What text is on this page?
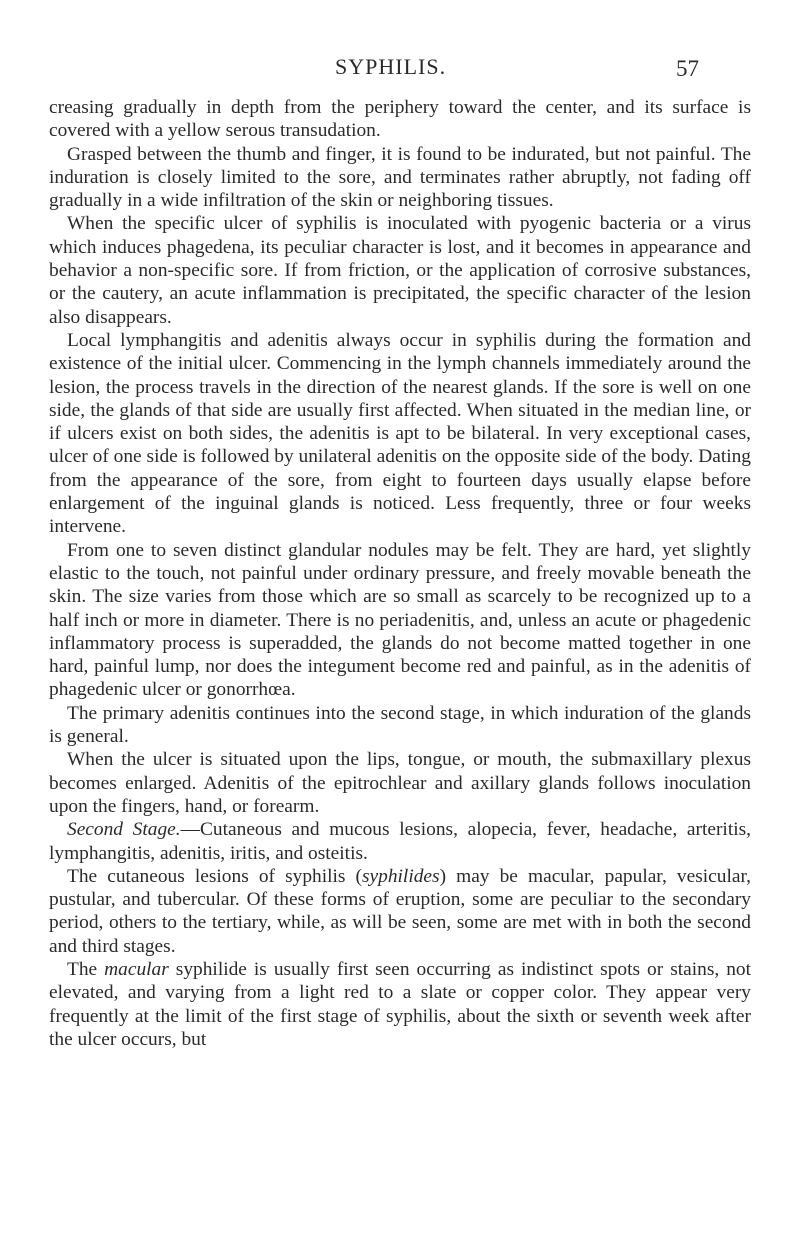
SYPHILIS.	57

creasing gradually in depth from the periphery toward the center, and its surface is covered with a yellow serous transudation.

Grasped between the thumb and finger, it is found to be indurated, but not painful. The induration is closely limited to the sore, and terminates rather abruptly, not fading off gradually in a wide infiltration of the skin or neighboring tissues.

When the specific ulcer of syphilis is inoculated with pyogenic bacteria or a virus which induces phagedena, its peculiar character is lost, and it becomes in appearance and behavior a non-specific sore. If from friction, or the application of corrosive substances, or the cautery, an acute inflammation is precipitated, the specific character of the lesion also disappears.

Local lymphangitis and adenitis always occur in syphilis during the formation and existence of the initial ulcer. Commencing in the lymph channels immediately around the lesion, the process travels in the direction of the nearest glands. If the sore is well on one side, the glands of that side are usually first affected. When situated in the median line, or if ulcers exist on both sides, the adenitis is apt to be bilateral. In very exceptional cases, ulcer of one side is followed by unilateral adenitis on the opposite side of the body. Dating from the appearance of the sore, from eight to fourteen days usually elapse before enlargement of the inguinal glands is noticed. Less frequently, three or four weeks intervene.

From one to seven distinct glandular nodules may be felt. They are hard, yet slightly elastic to the touch, not painful under ordinary pressure, and freely movable beneath the skin. The size varies from those which are so small as scarcely to be recognized up to a half inch or more in diameter. There is no periadenitis, and, unless an acute or phagedenic inflammatory process is superadded, the glands do not become matted together in one hard, painful lump, nor does the integument become red and painful, as in the adenitis of phagedenic ulcer or gonorrhœa.

The primary adenitis continues into the second stage, in which induration of the glands is general.

When the ulcer is situated upon the lips, tongue, or mouth, the submaxillary plexus becomes enlarged. Adenitis of the epitrochlear and axillary glands follows inoculation upon the fingers, hand, or forearm.

Second Stage.—Cutaneous and mucous lesions, alopecia, fever, headache, arteritis, lymphangitis, adenitis, iritis, and osteitis.

The cutaneous lesions of syphilis (syphilides) may be macular, papular, vesicular, pustular, and tubercular. Of these forms of eruption, some are peculiar to the secondary period, others to the tertiary, while, as will be seen, some are met with in both the second and third stages.

The macular syphilide is usually first seen occurring as indistinct spots or stains, not elevated, and varying from a light red to a slate or copper color. They appear very frequently at the limit of the first stage of syphilis, about the sixth or seventh week after the ulcer occurs, but
